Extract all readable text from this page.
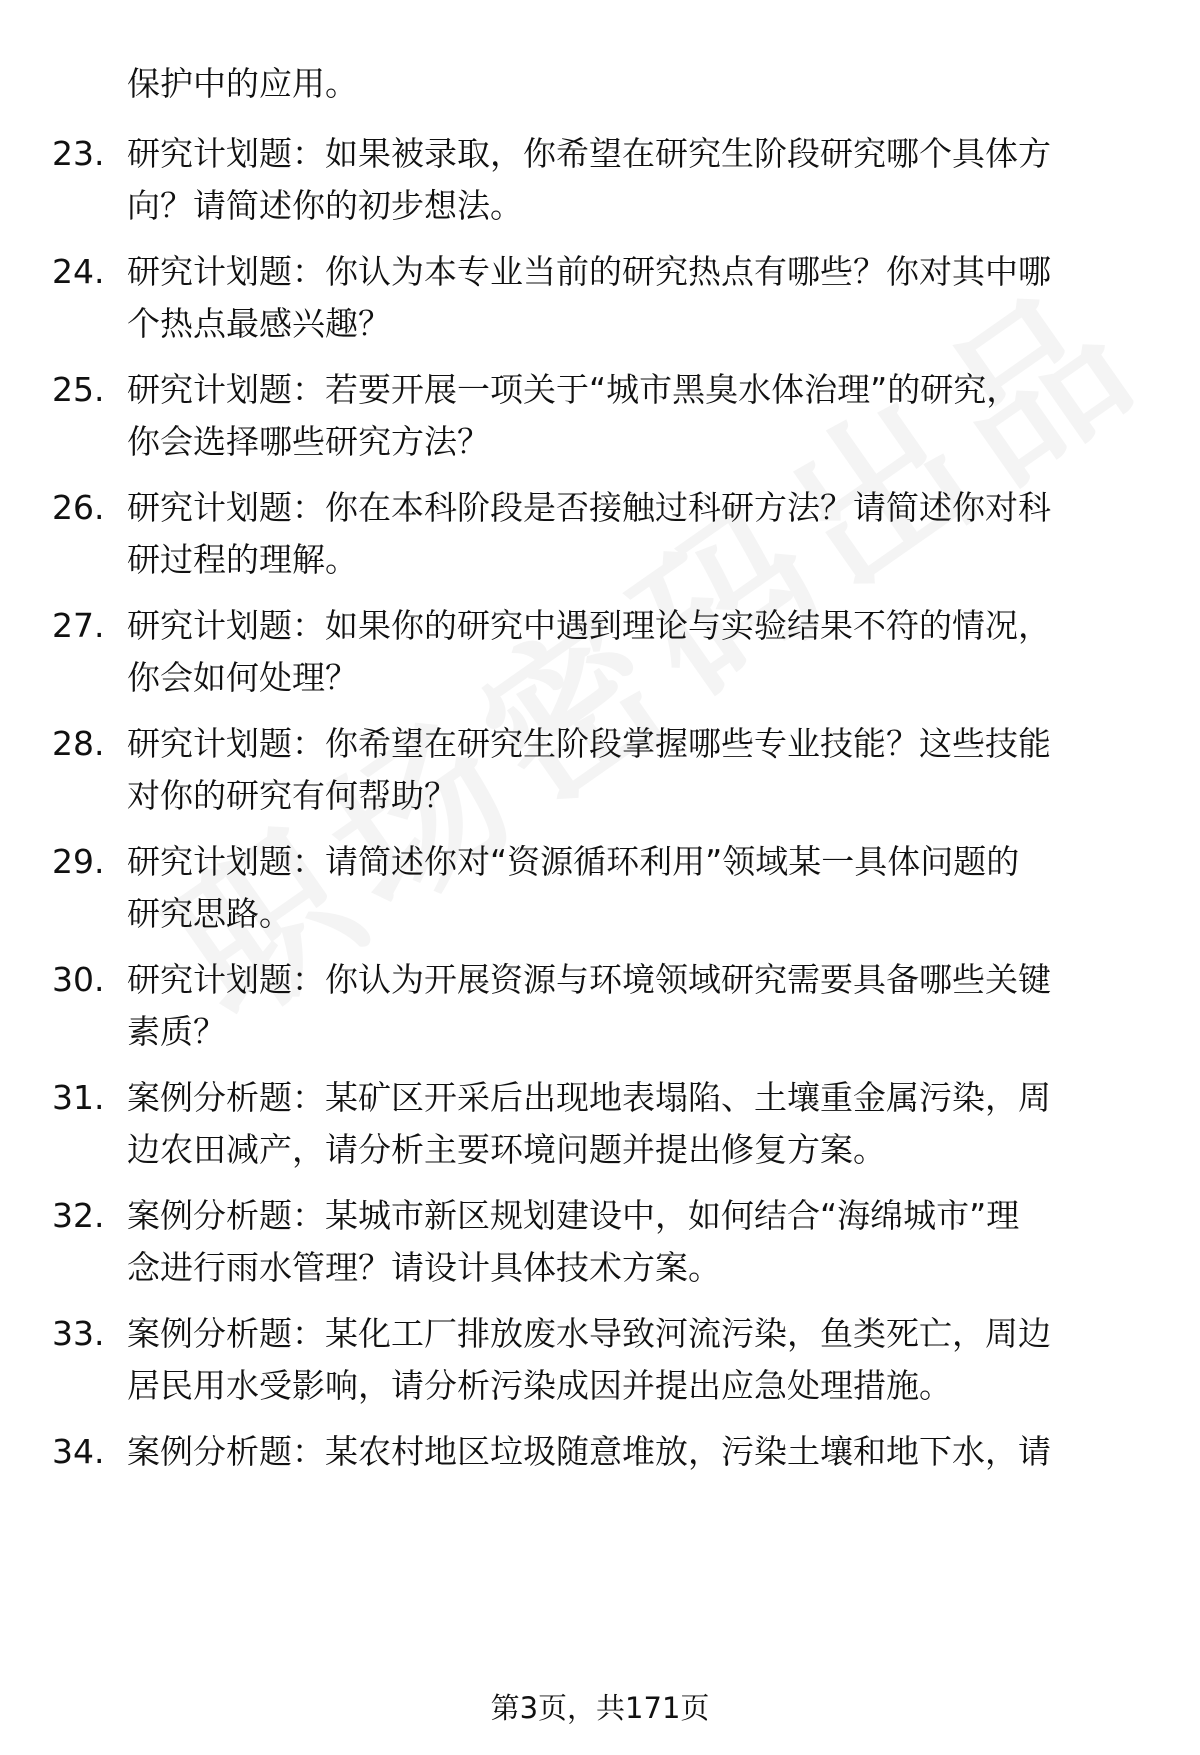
保护中的应用。
23. 研究计划题：如果被录取，你希望在研究生阶段研究哪个具体方
向？请简述你的初步想法。
24. 研究计划题：你认为本专业当前的研究热点有哪些？你对其中哪
个热点最感兴趣？
25. 研究计划题：若要开展一项关于“城市黑臭水体治理”的研究，
你会选择哪些研究方法？
26. 研究计划题：你在本科阶段是否接触过科研方法？请简述你对科
研过程的理解。
27. 研究计划题：如果你的研究中遇到理论与实验结果不符的情况，
你会如何处理？
28. 研究计划题：你希望在研究生阶段掌握哪些专业技能？这些技能
对你的研究有何帮助？
29. 研究计划题：请简述你对“资源循环利用”领域某一具体问题的
研究思路。
30. 研究计划题：你认为开展资源与环境领域研究需要具备哪些关键
素质？
31. 案例分析题：某矿区开采后出现地表塌陷、土壤重金属污染，周
边农田减产，请分析主要环境问题并提出修复方案。
32. 案例分析题：某城市新区规划建设中，如何结合“海绵城市”理
念进行雨水管理？请设计具体技术方案。
33. 案例分析题：某化工厂排放废水导致河流污染，鱼类死亡，周边
居民用水受影响，请分析污染成因并提出应急处理措施。
34. 案例分析题：某农村地区垃圾随意堆放，污染土壤和地下水，请
第3页，共171页
